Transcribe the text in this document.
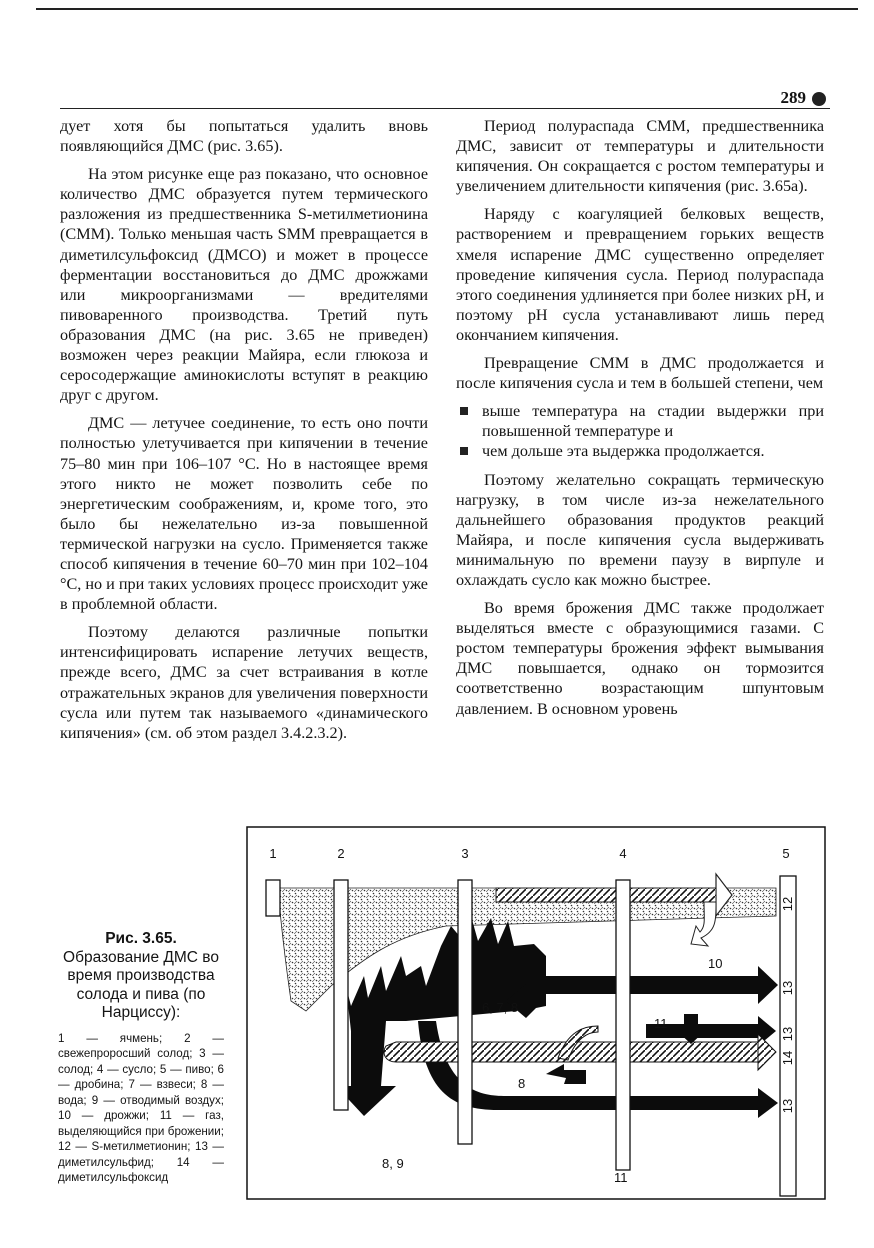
289

дует хотя бы попытаться удалить вновь появляющийся ДМС (рис. 3.65).

На этом рисунке еще раз показано, что основное количество ДМС образуется путем термического разложения из предшественника S-метилметионина (СММ). Только меньшая часть SMM превращается в диметилсульфоксид (ДМСО) и может в процессе ферментации восстановиться до ДМС дрожжами или микроорганизмами — вредителями пивоваренного производства. Третий путь образования ДМС (на рис. 3.65 не приведен) возможен через реакции Майяра, если глюкоза и серосодержащие аминокислоты вступят в реакцию друг с другом.

ДМС — летучее соединение, то есть оно почти полностью улетучивается при кипячении в течение 75–80 мин при 106–107 °С. Но в настоящее время этого никто не может позволить себе по энергетическим соображениям, и, кроме того, это было бы нежелательно из-за повышенной термической нагрузки на сусло. Применяется также способ кипячения в течение 60–70 мин при 102–104 °С, но и при таких условиях процесс происходит уже в проблемной области.

Поэтому делаются различные попытки интенсифицировать испарение летучих веществ, прежде всего, ДМС за счет встраивания в котле отражательных экранов для увеличения поверхности сусла или путем так называемого «динамического кипячения» (см. об этом раздел 3.4.2.3.2).

Период полураспада СММ, предшественника ДМС, зависит от температуры и длительности кипячения. Он сокращается с ростом температуры и увеличением длительности кипячения (рис. 3.65а).

Наряду с коагуляцией белковых веществ, растворением и превращением горьких веществ хмеля испарение ДМС существенно определяет проведение кипячения сусла. Период полураспада этого соединения удлиняется при более низких pH, и поэтому pH сусла устанавливают лишь перед окончанием кипячения.

Превращение СММ в ДМС продолжается и после кипячения сусла и тем в большей степени, чем

выше температура на стадии выдержки при повышенной температуре и
чем дольше эта выдержка продолжается.

Поэтому желательно сокращать термическую нагрузку, в том числе из-за нежелательного дальнейшего образования продуктов реакций Майяра, и после кипячения сусла выдерживать минимальную по времени паузу в вирпуле и охлаждать сусло как можно быстрее.

Во время брожения ДМС также продолжает выделяться вместе с образующимися газами. С ростом температуры брожения эффект вымывания ДМС повышается, однако он тормозится соответственно возрастающим шпунтовым давлением. В основном уровень

Рис. 3.65. Образование ДМС во время производства солода и пива (по Нарциссу):

1 — ячмень; 2 — свежепроросший солод; 3 — солод; 4 — сусло; 5 — пиво; 6 — дробина; 7 — взвеси; 8 — вода; 9 — отводимый воздух; 10 — дрожжи; 11 — газ, выделяющийся при брожении; 12 — S-метилметионин; 13 — диметилсульфид; 14 — диметилсульфоксид

1	2	3	4	5
6, 7, 8
10
11
8
8, 9
11
12
13
13
14
13
